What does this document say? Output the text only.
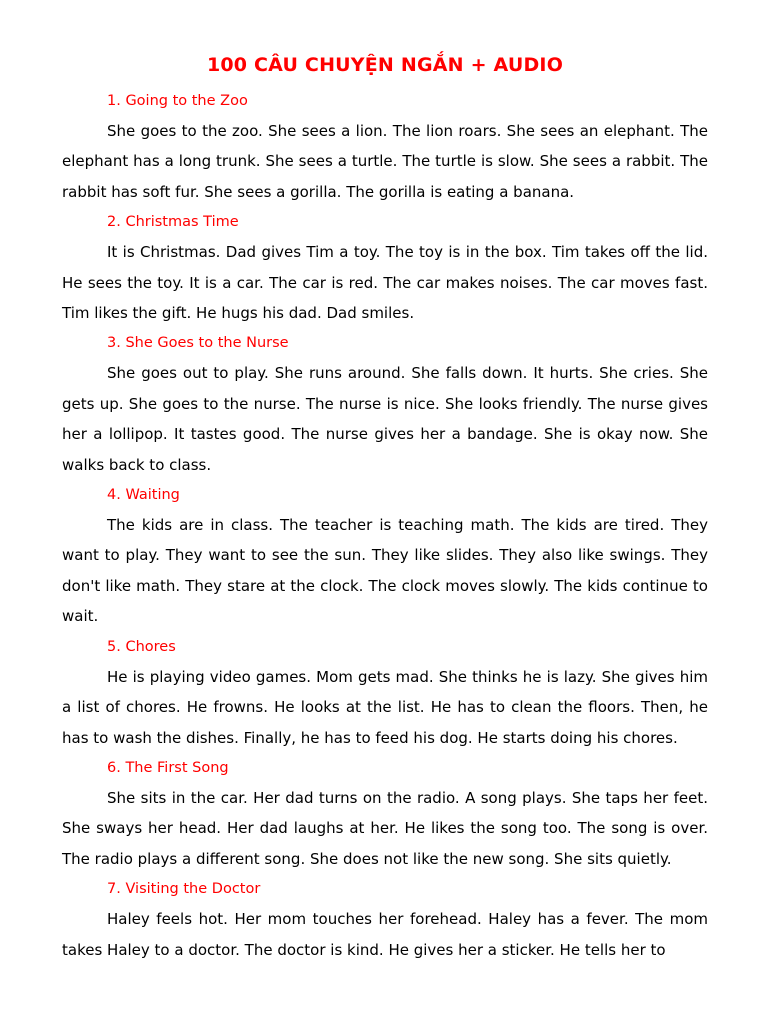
100 CÂU CHUYỆN NGẮN + AUDIO
1. Going to the Zoo

She goes to the zoo. She sees a lion. The lion roars. She sees an elephant. The elephant has a long trunk. She sees a turtle. The turtle is slow. She sees a rabbit. The rabbit has soft fur. She sees a gorilla. The gorilla is eating a banana.

2. Christmas Time

It is Christmas. Dad gives Tim a toy. The toy is in the box. Tim takes off the lid. He sees the toy. It is a car. The car is red. The car makes noises. The car moves fast. Tim likes the gift. He hugs his dad. Dad smiles.

3. She Goes to the Nurse

She goes out to play. She runs around. She falls down. It hurts. She cries. She gets up. She goes to the nurse. The nurse is nice. She looks friendly. The nurse gives her a lollipop. It tastes good. The nurse gives her a bandage. She is okay now. She walks back to class.

4. Waiting

The kids are in class. The teacher is teaching math. The kids are tired. They want to play. They want to see the sun. They like slides. They also like swings. They don't like math. They stare at the clock. The clock moves slowly. The kids continue to wait.

5. Chores

He is playing video games. Mom gets mad. She thinks he is lazy. She gives him a list of chores. He frowns. He looks at the list. He has to clean the floors. Then, he has to wash the dishes. Finally, he has to feed his dog. He starts doing his chores.

6. The First Song

She sits in the car. Her dad turns on the radio. A song plays. She taps her feet. She sways her head. Her dad laughs at her. He likes the song too. The song is over. The radio plays a different song. She does not like the new song. She sits quietly.

7. Visiting the Doctor

Haley feels hot. Her mom touches her forehead. Haley has a fever. The mom takes Haley to a doctor. The doctor is kind. He gives her a sticker. He tells her to
